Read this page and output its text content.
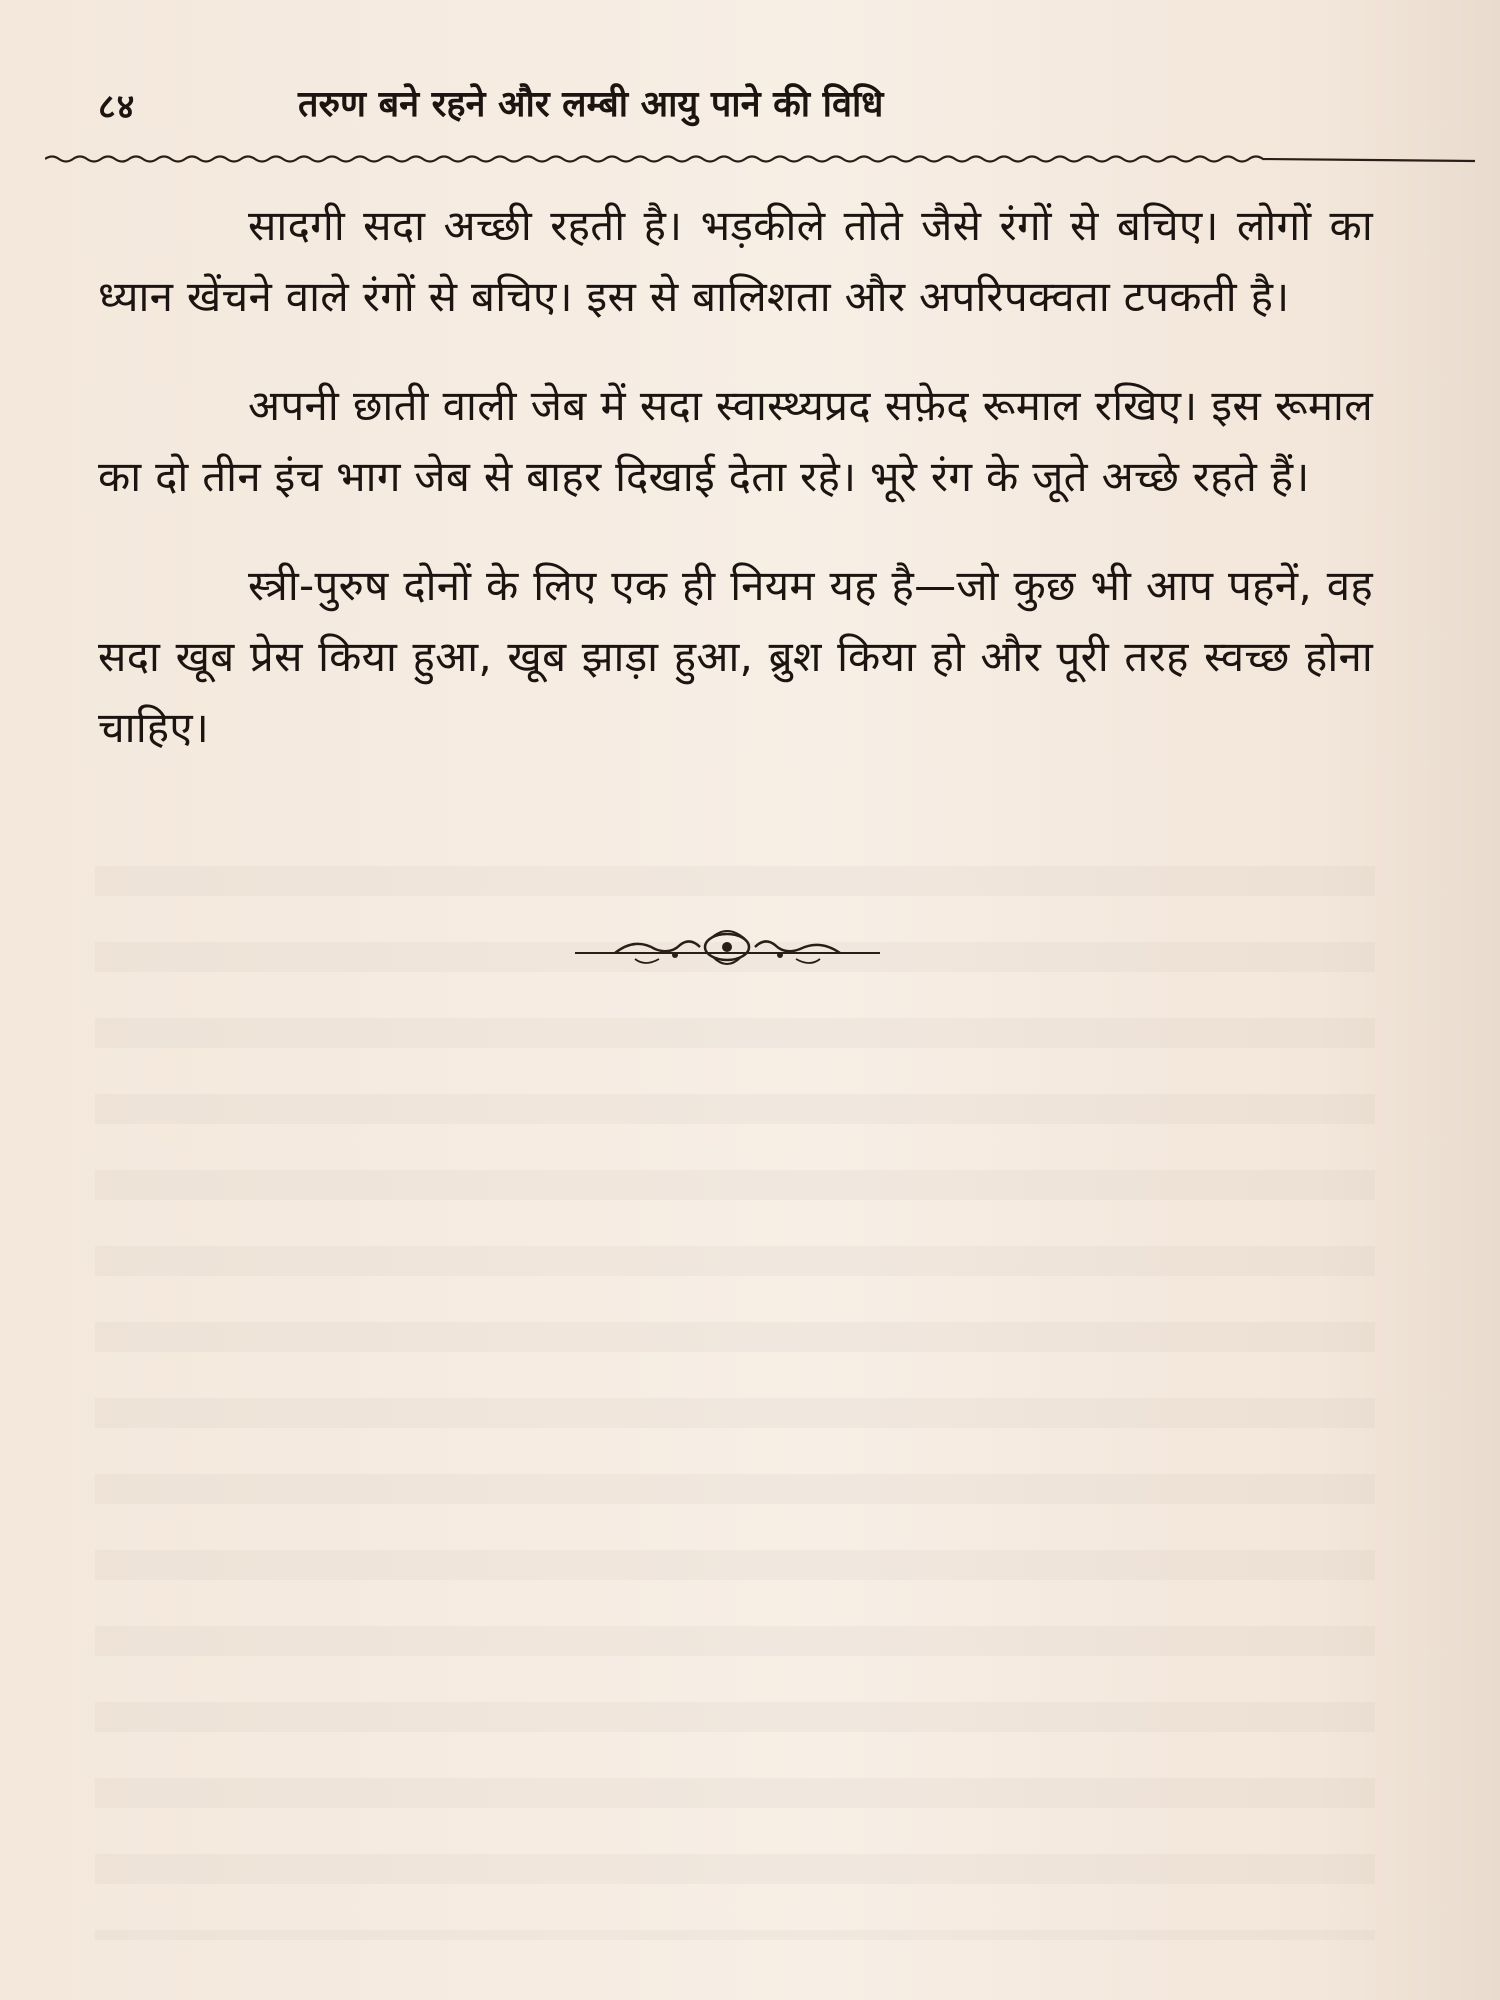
८४	तरुण बने रहने और लम्बी आयु पाने की विधि

सादगी सदा अच्छी रहती है। भड़कीले तोते जैसे रंगों से बचिए। लोगों का ध्यान खेंचने वाले रंगों से बचिए। इस से बालिशता और अपरिपक्वता टपकती है।

अपनी छाती वाली जेब में सदा स्वास्थ्यप्रद सफ़ेद रूमाल रखिए। इस रूमाल का दो तीन इंच भाग जेब से बाहर दिखाई देता रहे। भूरे रंग के जूते अच्छे रहते हैं।

स्त्री-पुरुष दोनों के लिए एक ही नियम यह है—जो कुछ भी आप पहनें, वह सदा खूब प्रेस किया हुआ, खूब झाड़ा हुआ, ब्रुश किया हो और पूरी तरह स्वच्छ होना चाहिए।
